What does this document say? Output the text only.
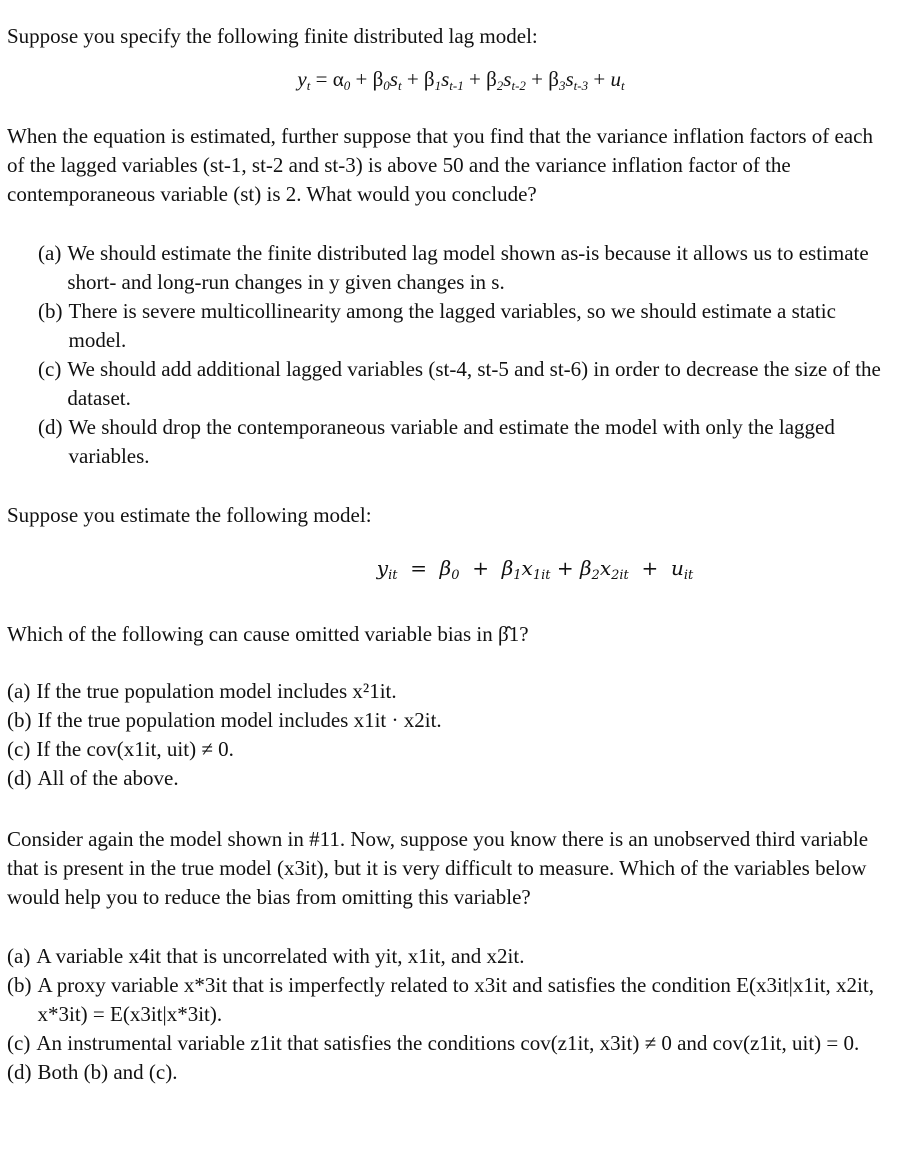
Suppose you specify the following finite distributed lag model:

$y_t = \alpha_0 + \beta_0s_t + \beta_1s_{t-1} + \beta_2s_{t-2} + \beta_3s_{t-3} + u_t$

When the equation is estimated, further suppose that you find that the variance inflation factors of each of the lagged variables (st-1, st-2 and st-3) is above 50 and the variance inflation factor of the contemporaneous variable (st) is 2. What would you conclude?

(a) We should estimate the finite distributed lag model shown as-is because it allows us to estimate short- and long-run changes in y given changes in s.
(b) There is severe multicollinearity among the lagged variables, so we should estimate a static model.
(c) We should add additional lagged variables (st-4, st-5 and st-6) in order to decrease the size of the dataset.
(d) We should drop the contemporaneous variable and estimate the model with only the lagged variables.

Suppose you estimate the following model:

$y_{it} = \beta_0 + \beta_1x_{1it} + \beta_2x_{2it} + u_{it}$

Which of the following can cause omitted variable bias in β̂1?

(a) If the true population model includes x²1it.
(b) If the true population model includes x1it · x2it.
(c) If the cov(x1it, uit) ≠ 0.
(d) All of the above.

Consider again the model shown in #11. Now, suppose you know there is an unobserved third variable that is present in the true model (x3it), but it is very difficult to measure. Which of the variables below would help you to reduce the bias from omitting this variable?

(a) A variable x4it that is uncorrelated with yit, x1it, and x2it.
(b) A proxy variable x*3it that is imperfectly related to x3it and satisfies the condition E(x3it|x1it, x2it, x*3it) = E(x3it|x*3it).
(c) An instrumental variable z1it that satisfies the conditions cov(z1it, x3it) ≠ 0 and cov(z1it, uit) = 0.
(d) Both (b) and (c).
